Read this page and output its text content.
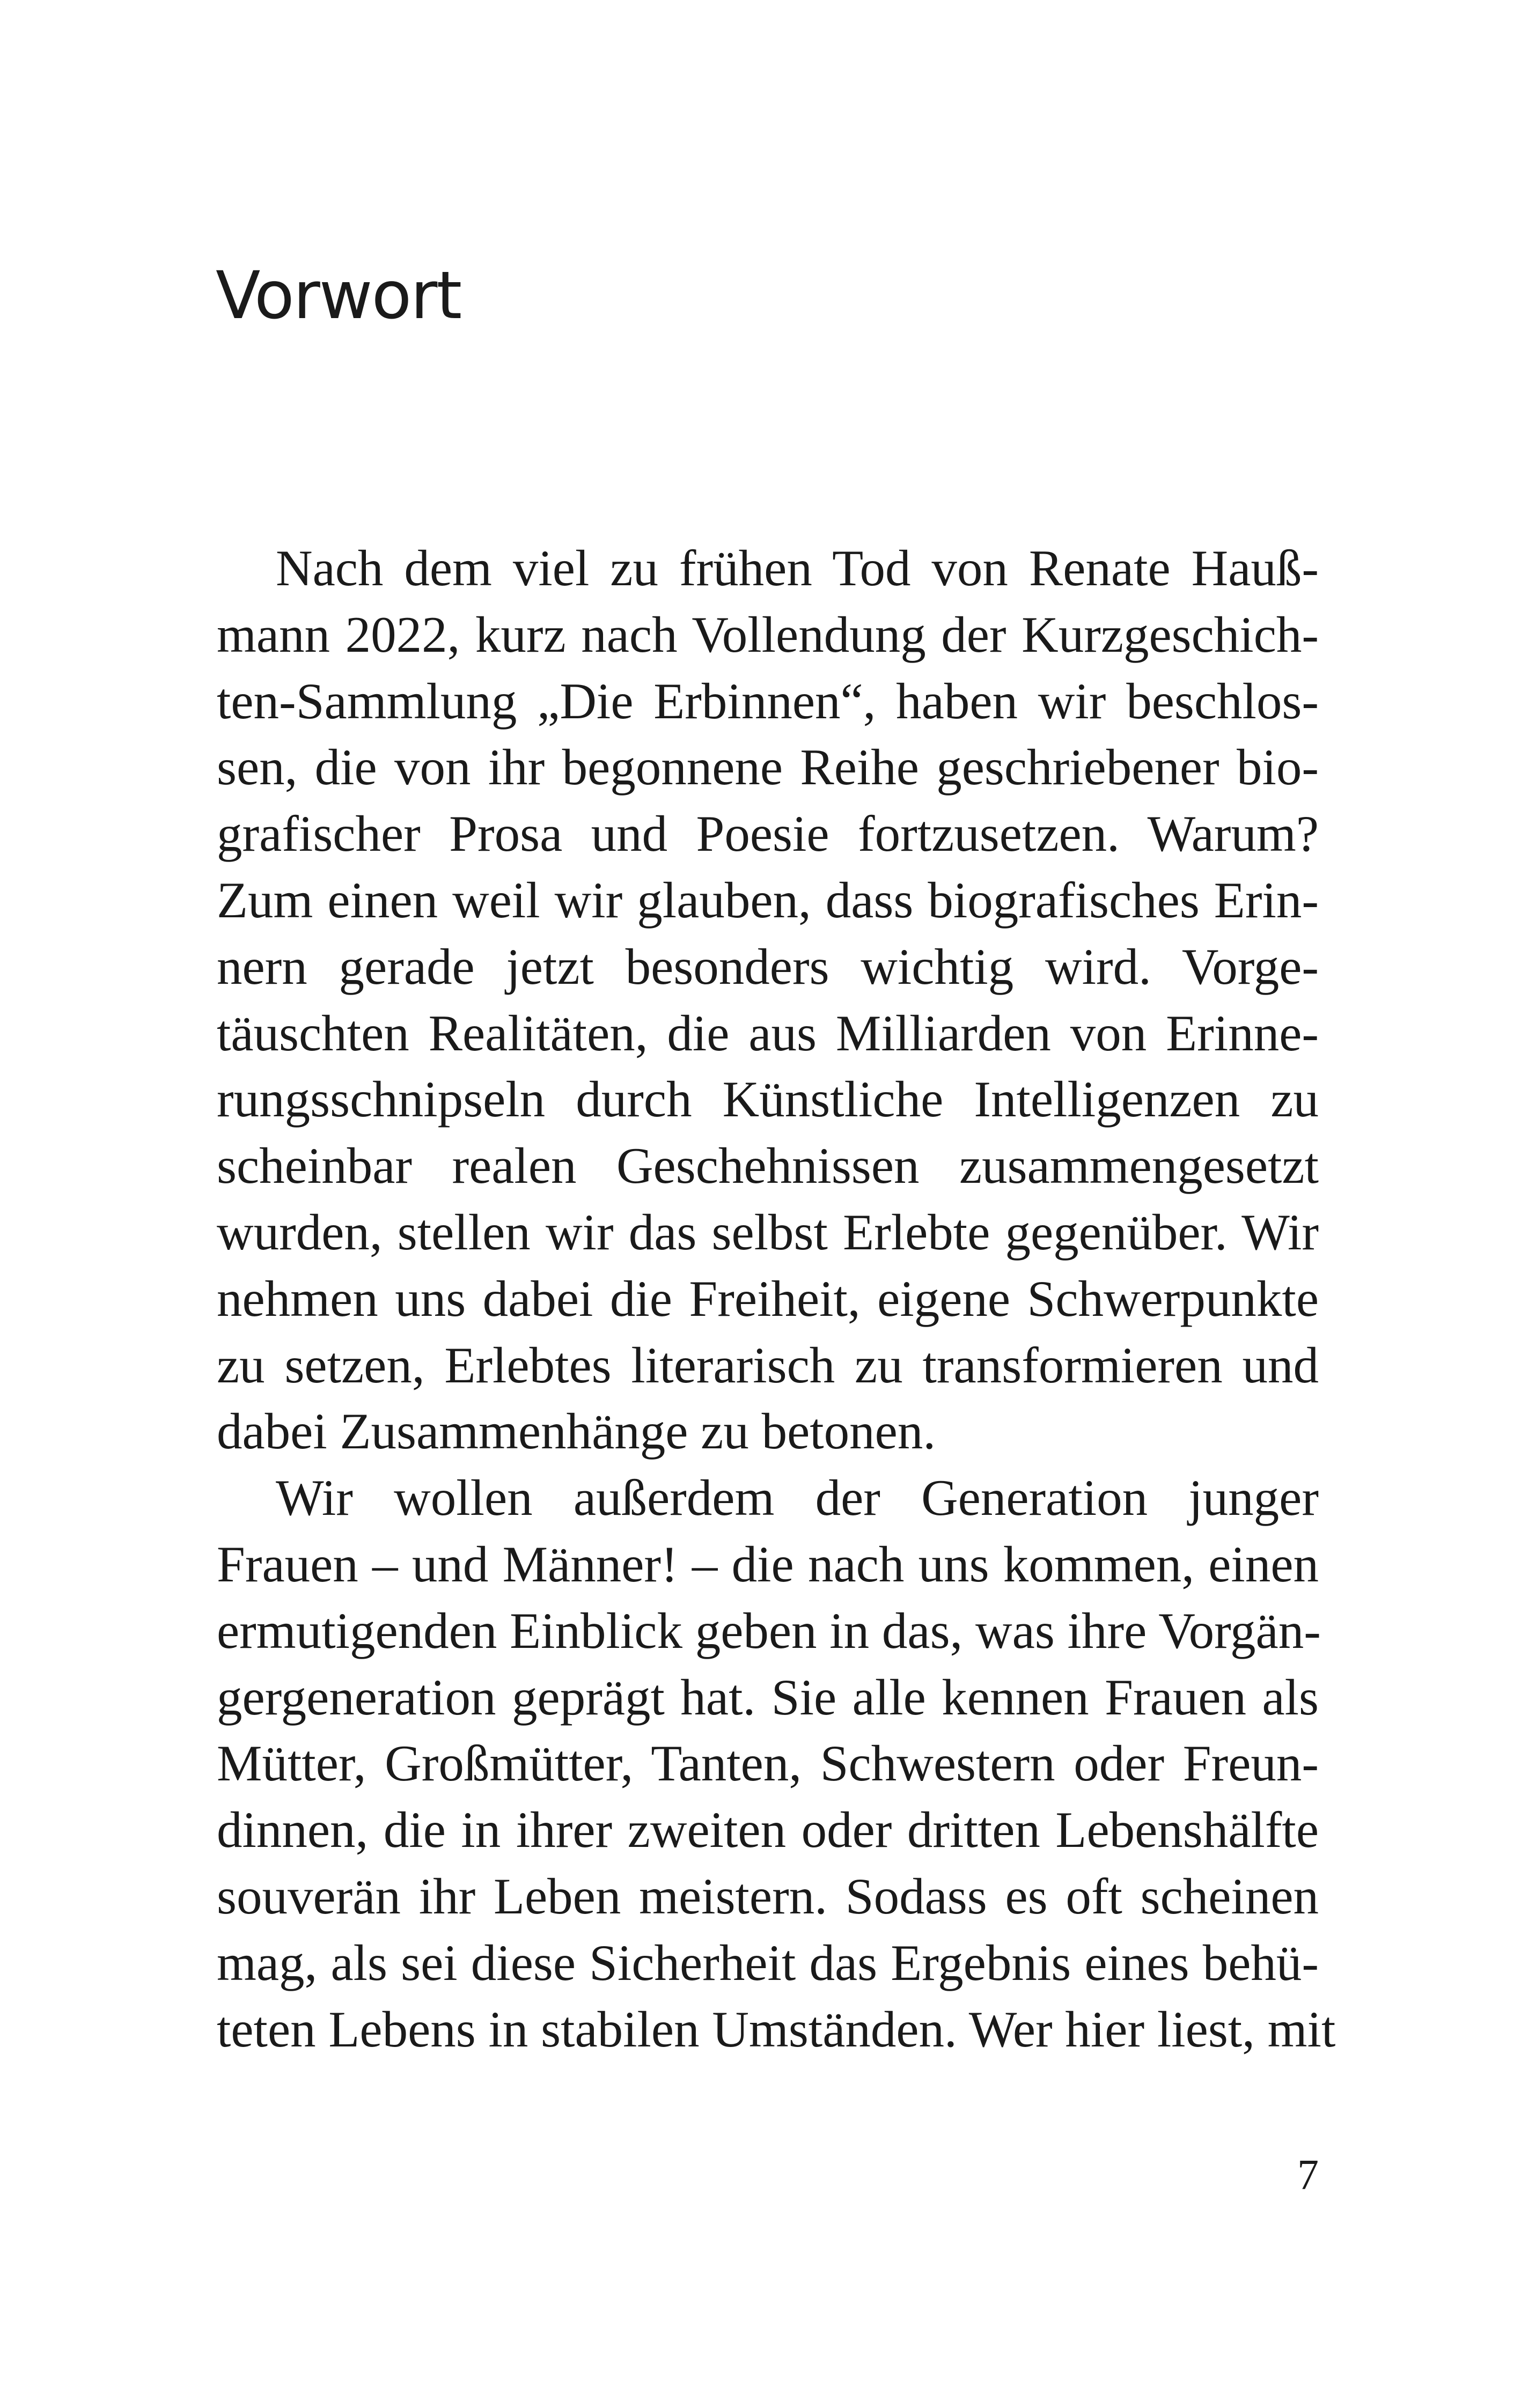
Vorwort
Nach dem viel zu frühen Tod von Renate Hauß-
mann 2022, kurz nach Vollendung der Kurzgeschich-
ten-Sammlung „Die Erbinnen“, haben wir beschlos-
sen, die von ihr begonnene Reihe geschriebener bio-
grafischer Prosa und Poesie fortzusetzen. Warum?
Zum einen weil wir glauben, dass biografisches Erin-
nern gerade jetzt besonders wichtig wird. Vorge-
täuschten Realitäten, die aus Milliarden von Erinne-
rungsschnipseln durch Künstliche Intelligenzen zu
scheinbar realen Geschehnissen zusammengesetzt
wurden, stellen wir das selbst Erlebte gegenüber. Wir
nehmen uns dabei die Freiheit, eigene Schwerpunkte
zu setzen, Erlebtes literarisch zu transformieren und
dabei Zusammenhänge zu betonen.
Wir wollen außerdem der Generation junger
Frauen – und Männer! – die nach uns kommen, einen
ermutigenden Einblick geben in das, was ihre Vorgän-
gergeneration geprägt hat. Sie alle kennen Frauen als
Mütter, Großmütter, Tanten, Schwestern oder Freun-
dinnen, die in ihrer zweiten oder dritten Lebenshälfte
souverän ihr Leben meistern. Sodass es oft scheinen
mag, als sei diese Sicherheit das Ergebnis eines behü-
teten Lebens in stabilen Umständen. Wer hier liest, mit
7
